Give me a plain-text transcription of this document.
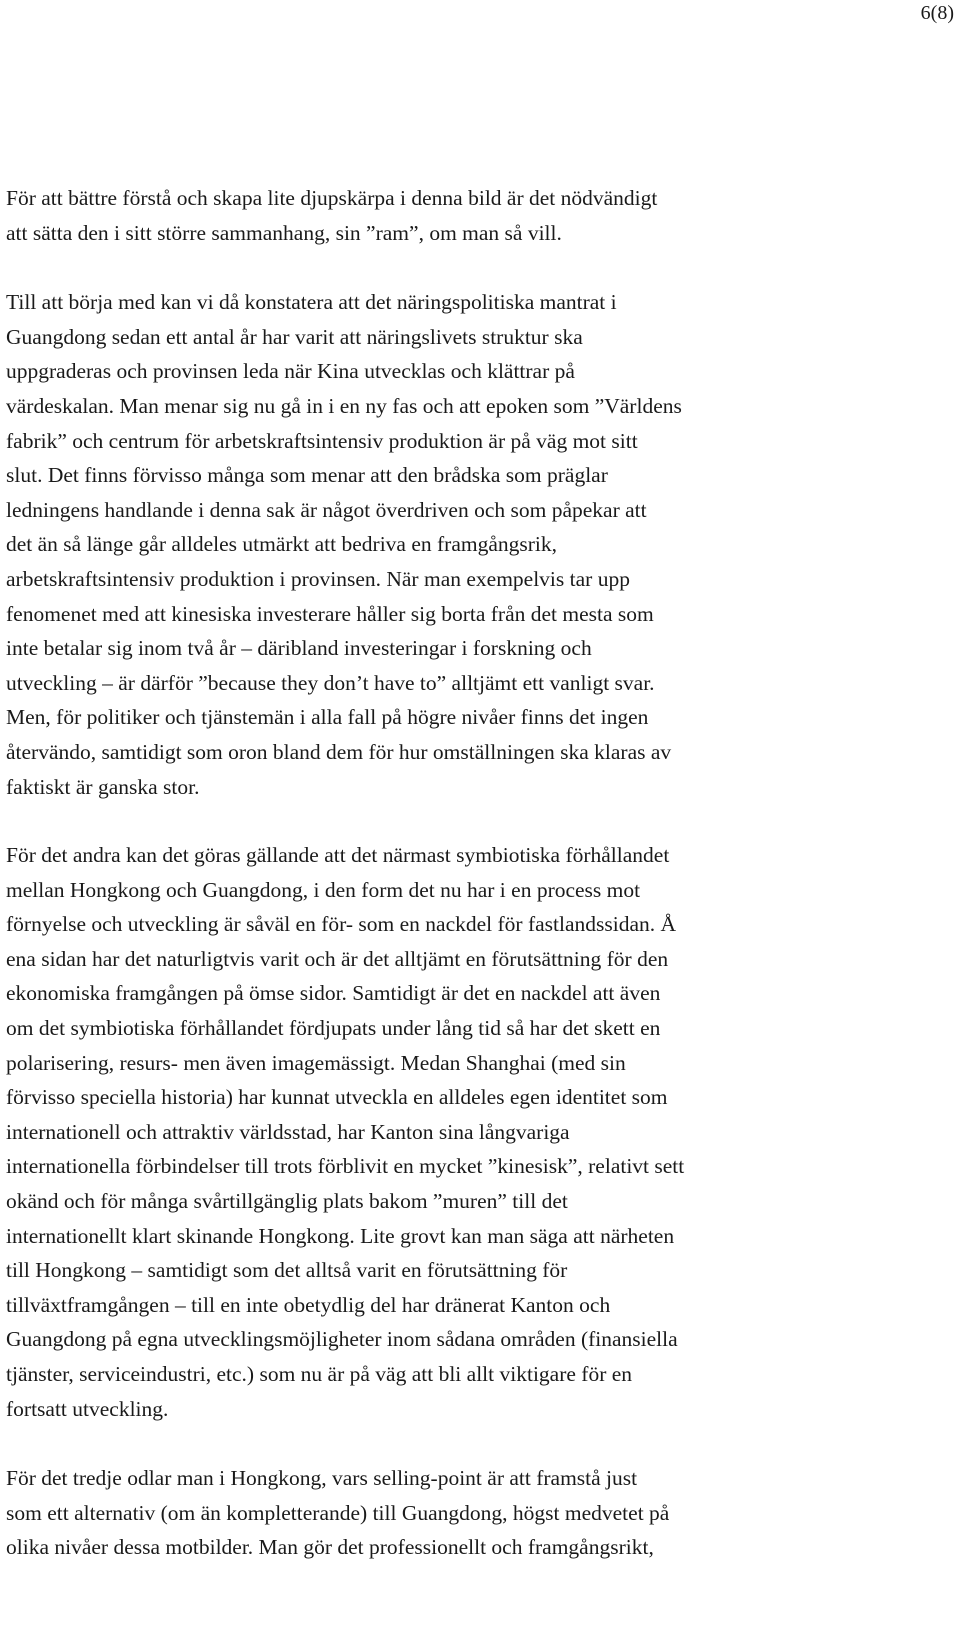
6(8)

För att bättre förstå och skapa lite djupskärpa i denna bild är det nödvändigt
att sätta den i sitt större sammanhang, sin ”ram”, om man så vill.

Till att börja med kan vi då konstatera att det näringspolitiska mantrat i
Guangdong sedan ett antal år har varit att näringslivets struktur ska
uppgraderas och provinsen leda när Kina utvecklas och klättrar på
värdeskalan. Man menar sig nu gå in i en ny fas och att epoken som ”Världens
fabrik” och centrum för arbetskraftsintensiv produktion är på väg mot sitt
slut. Det finns förvisso många som menar att den brådska som präglar
ledningens handlande i denna sak är något överdriven och som påpekar att
det än så länge går alldeles utmärkt att bedriva en framgångsrik,
arbetskraftsintensiv produktion i provinsen. När man exempelvis tar upp
fenomenet med att kinesiska investerare håller sig borta från det mesta som
inte betalar sig inom två år – däribland investeringar i forskning och
utveckling – är därför ”because they don’t have to” alltjämt ett vanligt svar.
Men, för politiker och tjänstemän i alla fall på högre nivåer finns det ingen
återvändo, samtidigt som oron bland dem för hur omställningen ska klaras av
faktiskt är ganska stor.

För det andra kan det göras gällande att det närmast symbiotiska förhållandet
mellan Hongkong och Guangdong, i den form det nu har i en process mot
förnyelse och utveckling är såväl en för- som en nackdel för fastlandssidan. Å
ena sidan har det naturligtvis varit och är det alltjämt en förutsättning för den
ekonomiska framgången på ömse sidor. Samtidigt är det en nackdel att även
om det symbiotiska förhållandet fördjupats under lång tid så har det skett en
polarisering, resurs- men även imagemässigt. Medan Shanghai (med sin
förvisso speciella historia) har kunnat utveckla en alldeles egen identitet som
internationell och attraktiv världsstad, har Kanton sina långvariga
internationella förbindelser till trots förblivit en mycket ”kinesisk”, relativt sett
okänd och för många svårtillgänglig plats bakom ”muren” till det
internationellt klart skinande Hongkong. Lite grovt kan man säga att närheten
till Hongkong – samtidigt som det alltså varit en förutsättning för
tillväxtframgången – till en inte obetydlig del har dränerat Kanton och
Guangdong på egna utvecklingsmöjligheter inom sådana områden (finansiella
tjänster, serviceindustri, etc.) som nu är på väg att bli allt viktigare för en
fortsatt utveckling.

För det tredje odlar man i Hongkong, vars selling-point är att framstå just
som ett alternativ (om än kompletterande) till Guangdong, högst medvetet på
olika nivåer dessa motbilder. Man gör det professionellt och framgångsrikt,
